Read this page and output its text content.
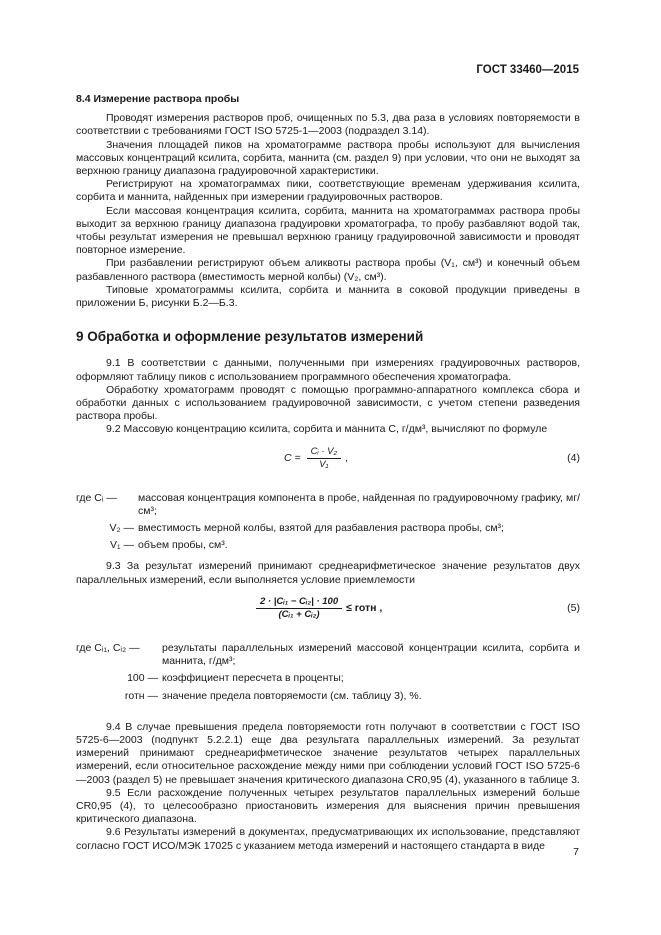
ГОСТ 33460—2015
8.4 Измерение раствора пробы

Проводят измерения растворов проб, очищенных по 5.3, два раза в условиях повторяемости в соответствии с требованиями ГОСТ ISO 5725-1—2003 (подраздел 3.14).

Значения площадей пиков на хроматограмме раствора пробы используют для вычисления массовых концентраций ксилита, сорбита, маннита (см. раздел 9) при условии, что они не выходят за верхнюю границу диапазона градуировочной характеристики.

Регистрируют на хроматограммах пики, соответствующие временам удерживания ксилита, сорбита и маннита, найденных при измерении градуировочных растворов.

Если массовая концентрация ксилита, сорбита, маннита на хроматограммах раствора пробы выходит за верхнюю границу диапазона градуировки хроматографа, то пробу разбавляют водой так, чтобы результат измерения не превышал верхнюю границу градуировочной зависимости и проводят повторное измерение.

При разбавлении регистрируют объем аликвоты раствора пробы (V₁, см³) и конечный объем разбавленного раствора (вместимость мерной колбы) (V₂, см³).

Типовые хроматограммы ксилита, сорбита и маннита в соковой продукции приведены в приложении Б, рисунки Б.2—Б.3.

9 Обработка и оформление результатов измерений

9.1 В соответствии с данными, полученными при измерениях градуировочных растворов, оформляют таблицу пиков с использованием программного обеспечения хроматографа.

Обработку хроматограмм проводят с помощью программно-аппаратного комплекса сбора и обработки данных с использованием градуировочной зависимости, с учетом степени разведения раствора пробы.

9.2 Массовую концентрацию ксилита, сорбита и маннита C, г/дм³, вычисляют по формуле

$C = \frac{\text{Cᵢ · V₂}}{\text{V₁}}$ ,	(4)
где Cᵢ —	массовая концентрация компонента в пробе, найденная по градуировочному графику, мг/см³;
V₂ — вместимость мерной колбы, взятой для разбавления раствора пробы, см³;
V₁ — объем пробы, см³.

9.3 За результат измерений принимают среднеарифметическое значение результатов двух параллельных измерений, если выполняется условие приемлемости

$\frac{\text{2 · |Cᵢ₁ − Cᵢ₂| · 100}}{\text{(Cᵢ₁ + Cᵢ₂)}}$ ≤ rотн ,	(5)
где Cᵢ₁, Cᵢ₂ —	результаты параллельных измерений массовой концентрации ксилита, сорбита и маннита, г/дм³;
100 — коэффициент пересчета в проценты;
rотн — значение предела повторяемости (см. таблицу 3), %.

9.4 В случае превышения предела повторяемости rотн получают в соответствии с ГОСТ ISO 5725-6—2003 (подпункт 5.2.2.1) еще два результата параллельных измерений. За результат измерений принимают среднеарифметическое значение результатов четырех параллельных измерений, если относительное расхождение между ними при соблюдении условий ГОСТ ISO 5725-6—2003 (раздел 5) не превышает значения критического диапазона CR0,95 (4), указанного в таблице 3.

9.5 Если расхождение полученных четырех результатов параллельных измерений больше CR0,95 (4), то целесообразно приостановить измерения для выяснения причин превышения критического диапазона.

9.6 Результаты измерений в документах, предусматривающих их использование, представляют согласно ГОСТ ИСО/МЭК 17025 с указанием метода измерений и настоящего стандарта в виде

7
